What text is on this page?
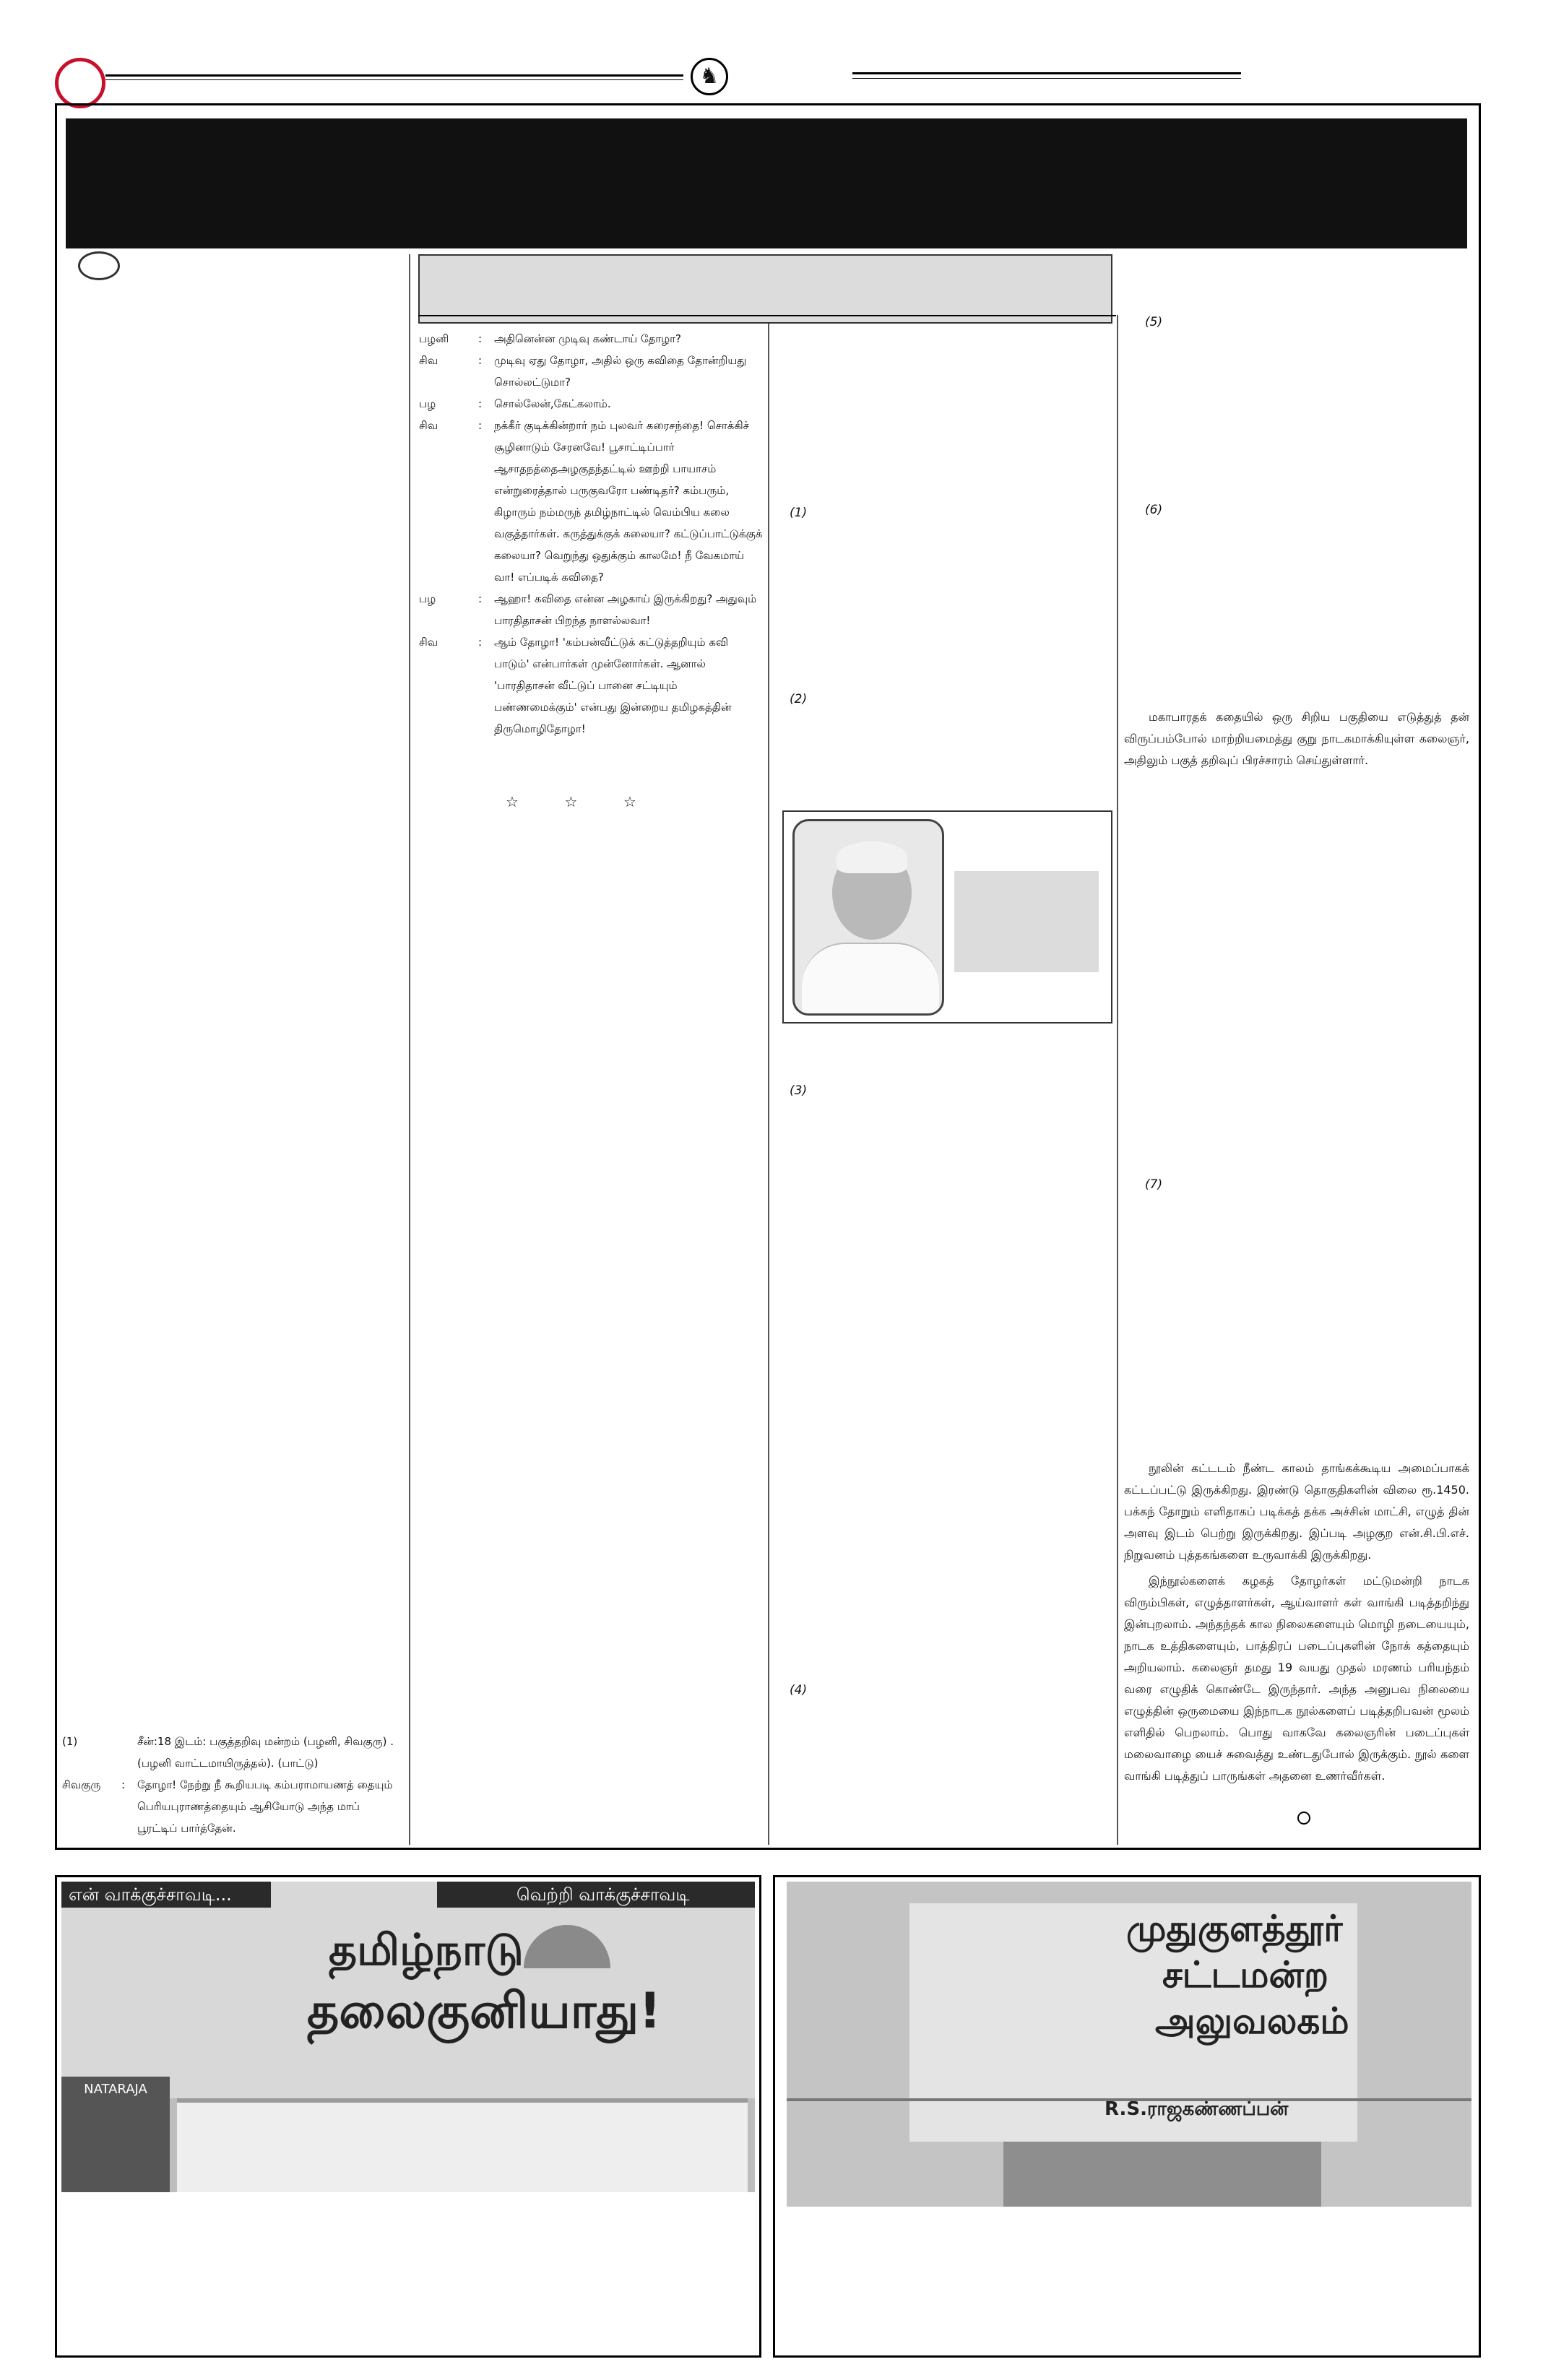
♞
பழனி	:	அதினென்ன முடிவு கண்டாய் தோழா?
சிவ	:	முடிவு ஏது தோழா, அதில் ஒரு கவிதை தோன்றியது சொல்லட்டுமா?
பழ	:	சொல்லேன்,கேட்கலாம்.
சிவ	:	நக்கீர் குடிக்கின்றார் நம் புலவர் கரைசந்தை! சொக்கிச் சூழினாடும் சேரனவே! பூசாட்டிப்பார் ஆசாதநத்தைஅழகுதந்தட்டில் ஊற்றி பாயாசம் என்றுரைத்தால் பருகுவரோ பண்டிதர்? கம்பரும், கிழாரும் நம்மருந் தமிழ்நாட்டில் வெம்பிய கலை வகுத்தார்கள். கருத்துக்குக் கலையா? கட்டுப்பாட்டுக்குக் கலையா? வெறுந்து ஒதுக்கும் காலமே! நீ வேகமாய் வா! எப்படிக் கவிதை?
பழ	:	ஆஹா! கவிதை என்ன அழகாய் இருக்கிறது? அதுவும் பாரதிதாசன் பிறந்த நாளல்லவா!
சிவ	:	ஆம் தோழா! 'கம்பன்வீட்டுக் கட்டுத்தறியும் கவி பாடும்' என்பார்கள் முன்னோர்கள். ஆனால் 'பாரதிதாசன் வீட்டுப் பானை சட்டியும் பண்ணமைக்கும்' என்பது இன்றைய தமிழகத்தின் திருமொழிதோழா!
☆          ☆          ☆
(1)	சீன்:18 இடம்: பகுத்தறிவு மன்றம் (பழனி, சிவகுரு) . (பழனி வாட்டமாயிருத்தல்). (பாட்டு)
சிவகுரு	:	தோழா! நேற்று நீ கூறியபடி கம்பராமாயணத் தையும் பெரியபுராணத்தையும் ஆசியோடு அந்த மாப் பூரட்டிப் பார்த்தேன்.
(1)
(2)
(3)
(4)
(5)
(6)
(7)

மகாபாரதக் கதையில் ஒரு சிறிய பகுதியை எடுத்துத் தன் விருப்பம்போல் மாற்றியமைத்து குறு நாடகமாக்கியுள்ள கலைஞர், அதிலும் பகுத் தறிவுப் பிரச்சாரம் செய்துள்ளார்.

நூலின் கட்டடம் நீண்ட காலம் தாங்கக்கூடிய அமைப்பாகக் கட்டப்பட்டு இருக்கிறது. இரண்டு தொகுதிகளின் விலை ரூ.1450. பக்கந் தோறும் எளிதாகப் படிக்கத் தக்க அச்சின் மாட்சி, எழுத் தின் அளவு இடம் பெற்று இருக்கிறது. இப்படி அழகுற என்.சி.பி.எச். நிறுவனம் புத்தகங்களை உருவாக்கி இருக்கிறது.

இந்நூல்களைக் கழகத் தோழர்கள் மட்டுமன்றி நாடக விரும்பிகள், எழுத்தாளர்கள், ஆய்வாளர் கள் வாங்கி படித்தறிந்து இன்புறலாம். அந்தந்தக் கால நிலைகளையும் மொழி நடையையும், நாடக உத்திகளையும், பாத்திரப் படைப்புகளின் நோக் கத்தையும் அறியலாம். கலைஞர் தமது 19 வயது முதல் மரணம் பரியந்தம் வரை எழுதிக் கொண்டே இருந்தார். அந்த அனுபவ நிலையை எழுத்தின் ஒருமையை இந்நாடக நூல்களைப் படித்தறிபவன் மூலம் எளிதில் பெறலாம். பொது வாகவே கலைஞரின் படைப்புகள் மலைவாழை யைச் சுவைத்து உண்டதுபோல் இருக்கும். நூல் களை வாங்கி படித்துப் பாருங்கள் அதனை உணர்வீர்கள்.

என் வாக்குச்சாவடி...	வெற்றி வாக்குச்சாவடி
தமிழ்நாடு
தலைகுனியாது!
NATARAJA
முதுகுளத்தூர்
சட்டமன்ற
அலுவலகம்
R.S.ராஜகண்ணப்பன்
